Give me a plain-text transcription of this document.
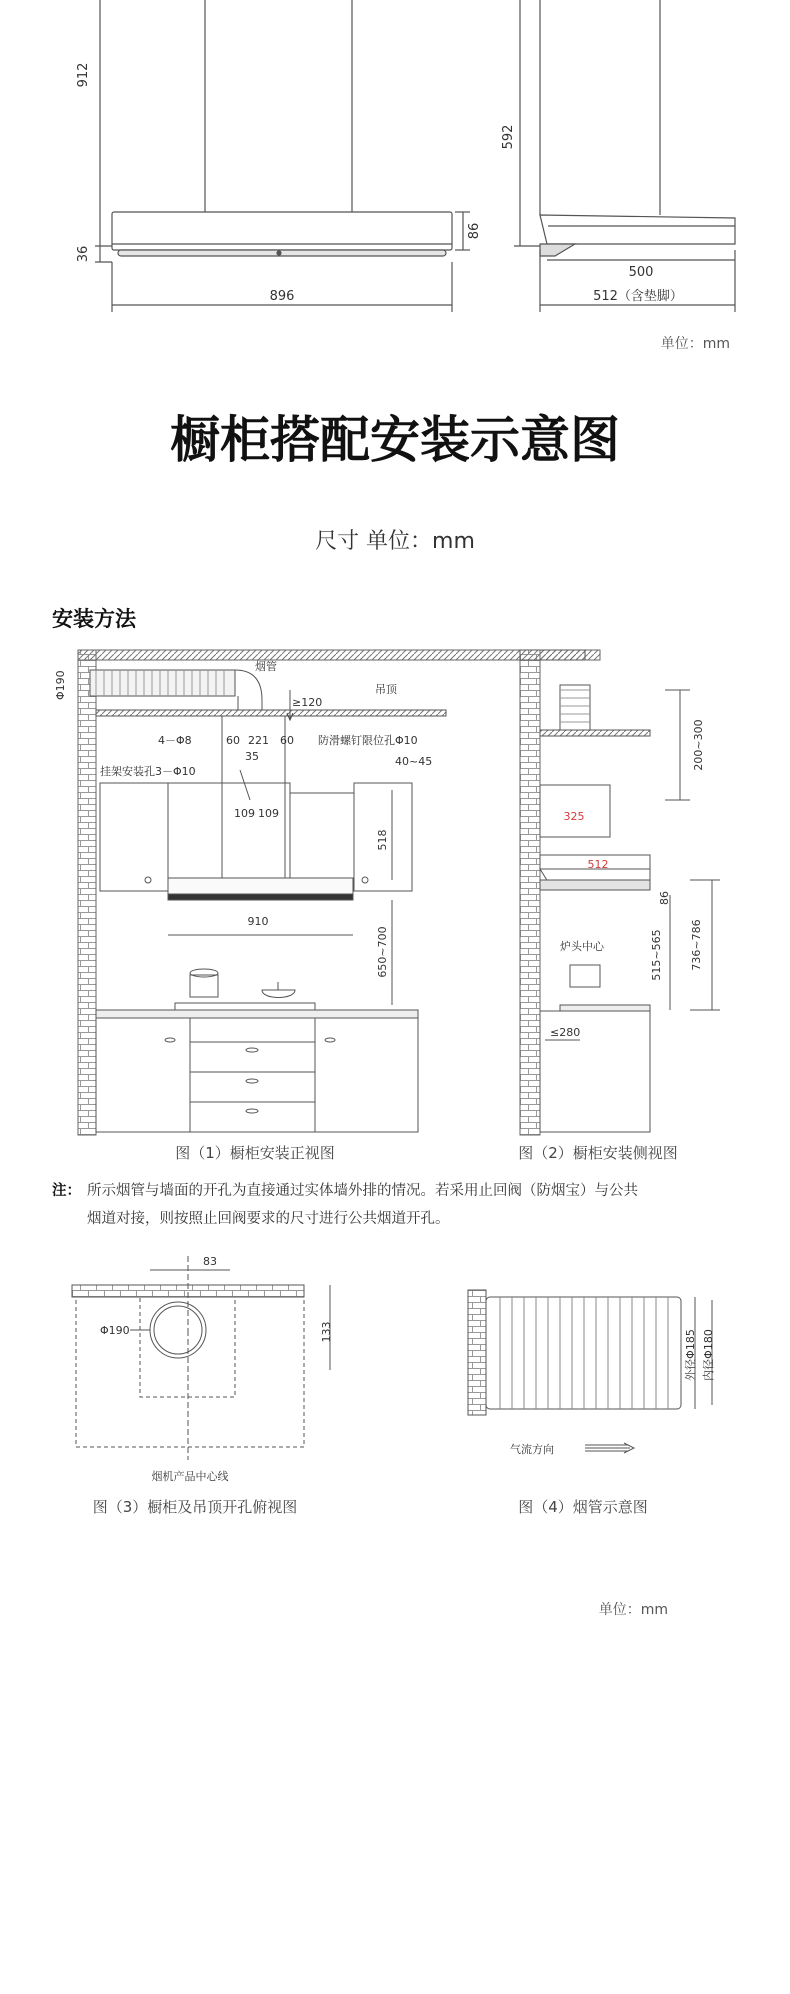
912
36
86
896
592
500
512（含垫脚）
单位：mm
橱柜搭配安装示意图
尺寸 单位：mm
安装方法
烟管
吊顶
≥120
Φ190
4－Φ8	60 221 60 防滑螺钉限位孔Φ10
35
挂架安装孔3－Φ10
40~45
109 109
518
910
650~700
图（1）橱柜安装正视图
200~300
325
512
86
炉头中心	736~786
515~565
≤280
图（2）橱柜安装侧视图
注： 所示烟管与墙面的开孔为直接通过实体墙外排的情况。若采用止回阀（防烟宝）与公共
烟道对接，则按照止回阀要求的尺寸进行公共烟道开孔。
83
Φ190	133
烟机产品中心线
图（3）橱柜及吊顶开孔俯视图
外径Φ185 内径Φ180
气流方向
图（4）烟管示意图
单位：mm
